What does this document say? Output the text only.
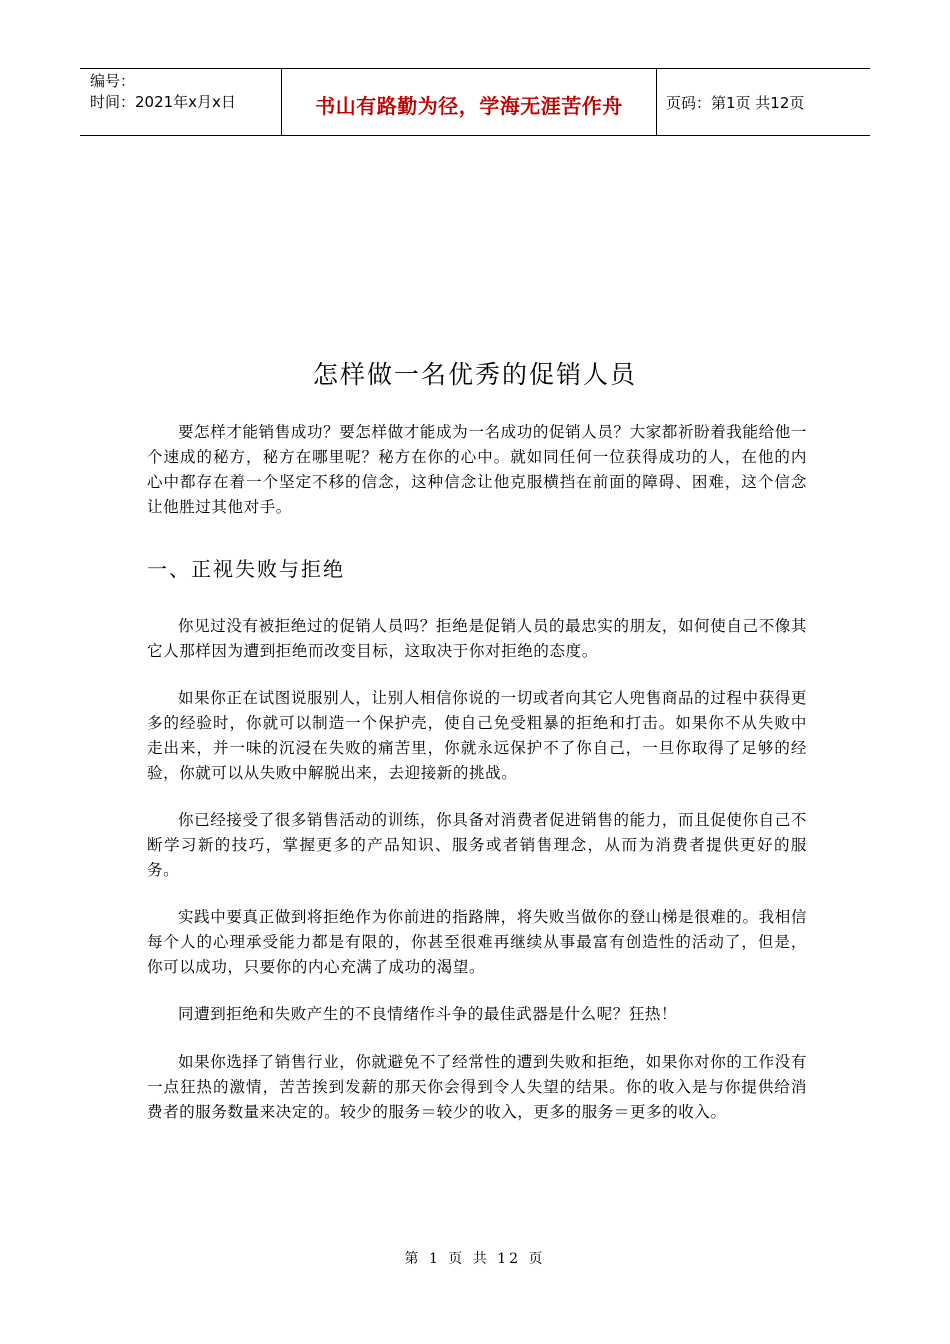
编号：
时间：2021年x月x日	书山有路勤为径，学海无涯苦作舟	页码：第1页 共12页
怎样做一名优秀的促销人员

要怎样才能销售成功？要怎样做才能成为一名成功的促销人员？大家都祈盼着我能给他一个速成的秘方，秘方在哪里呢？秘方在你的心中。就如同任何一位获得成功的人，在他的内心中都存在着一个坚定不移的信念，这种信念让他克服横挡在前面的障碍、困难，这个信念让他胜过其他对手。

一、正视失败与拒绝

你见过没有被拒绝过的促销人员吗？拒绝是促销人员的最忠实的朋友，如何使自己不像其它人那样因为遭到拒绝而改变目标，这取决于你对拒绝的态度。

如果你正在试图说服别人，让别人相信你说的一切或者向其它人兜售商品的过程中获得更多的经验时，你就可以制造一个保护壳，使自己免受粗暴的拒绝和打击。如果你不从失败中走出来，并一味的沉浸在失败的痛苦里，你就永远保护不了你自己，一旦你取得了足够的经验，你就可以从失败中解脱出来，去迎接新的挑战。

你已经接受了很多销售活动的训练，你具备对消费者促进销售的能力，而且促使你自己不断学习新的技巧，掌握更多的产品知识、服务或者销售理念，从而为消费者提供更好的服务。

实践中要真正做到将拒绝作为你前进的指路牌，将失败当做你的登山梯是很难的。我相信每个人的心理承受能力都是有限的，你甚至很难再继续从事最富有创造性的活动了，但是，你可以成功，只要你的内心充满了成功的渴望。

同遭到拒绝和失败产生的不良情绪作斗争的最佳武器是什么呢？狂热！

如果你选择了销售行业，你就避免不了经常性的遭到失败和拒绝，如果你对你的工作没有一点狂热的激情，苦苦挨到发薪的那天你会得到令人失望的结果。你的收入是与你提供给消费者的服务数量来决定的。较少的服务＝较少的收入，更多的服务＝更多的收入。

第 1 页 共 12 页
